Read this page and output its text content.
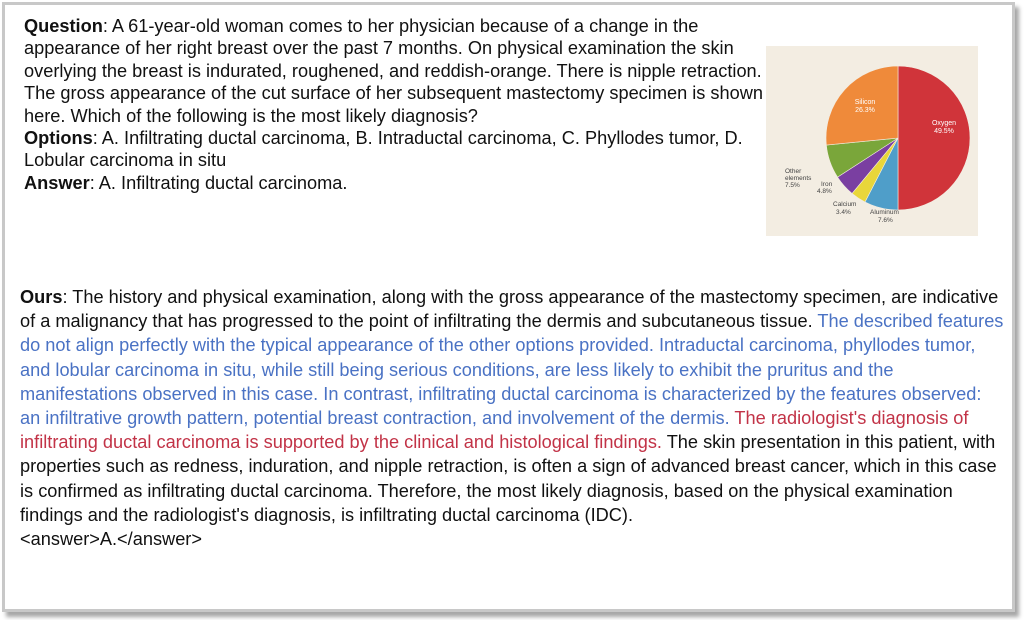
Question: A 61-year-old woman comes to her physician because of a change in the appearance of her right breast over the past 7 months. On physical examination the skin overlying the breast is indurated, roughened, and reddish-orange. There is nipple retraction. The gross appearance of the cut surface of her subsequent mastectomy specimen is shown here. Which of the following is the most likely diagnosis?

Options: A. Infiltrating ductal carcinoma, B. Intraductal carcinoma, C. Phyllodes tumor, D. Lobular carcinoma in situ

Answer: A. Infiltrating ductal carcinoma.

Silicon
26.3%
Oxygen
49.5%
Other
elements
7.5%	Iron
4.8%
Calcium
3.4%	Aluminum
7.6%

Ours: The history and physical examination, along with the gross appearance of the mastectomy specimen, are indicative of a malignancy that has progressed to the point of infiltrating the dermis and subcutaneous tissue. The described features do not align perfectly with the typical appearance of the other options provided. Intraductal carcinoma, phyllodes tumor, and lobular carcinoma in situ, while still being serious conditions, are less likely to exhibit the pruritus and the manifestations observed in this case. In contrast, infiltrating ductal carcinoma is characterized by the features observed: an infiltrative growth pattern, potential breast contraction, and involvement of the dermis. The radiologist's diagnosis of infiltrating ductal carcinoma is supported by the clinical and histological findings. The skin presentation in this patient, with properties such as redness, induration, and nipple retraction, is often a sign of advanced breast cancer, which in this case is confirmed as infiltrating ductal carcinoma. Therefore, the most likely diagnosis, based on the physical examination findings and the radiologist's diagnosis, is infiltrating ductal carcinoma (IDC).

<answer>A.</answer>
